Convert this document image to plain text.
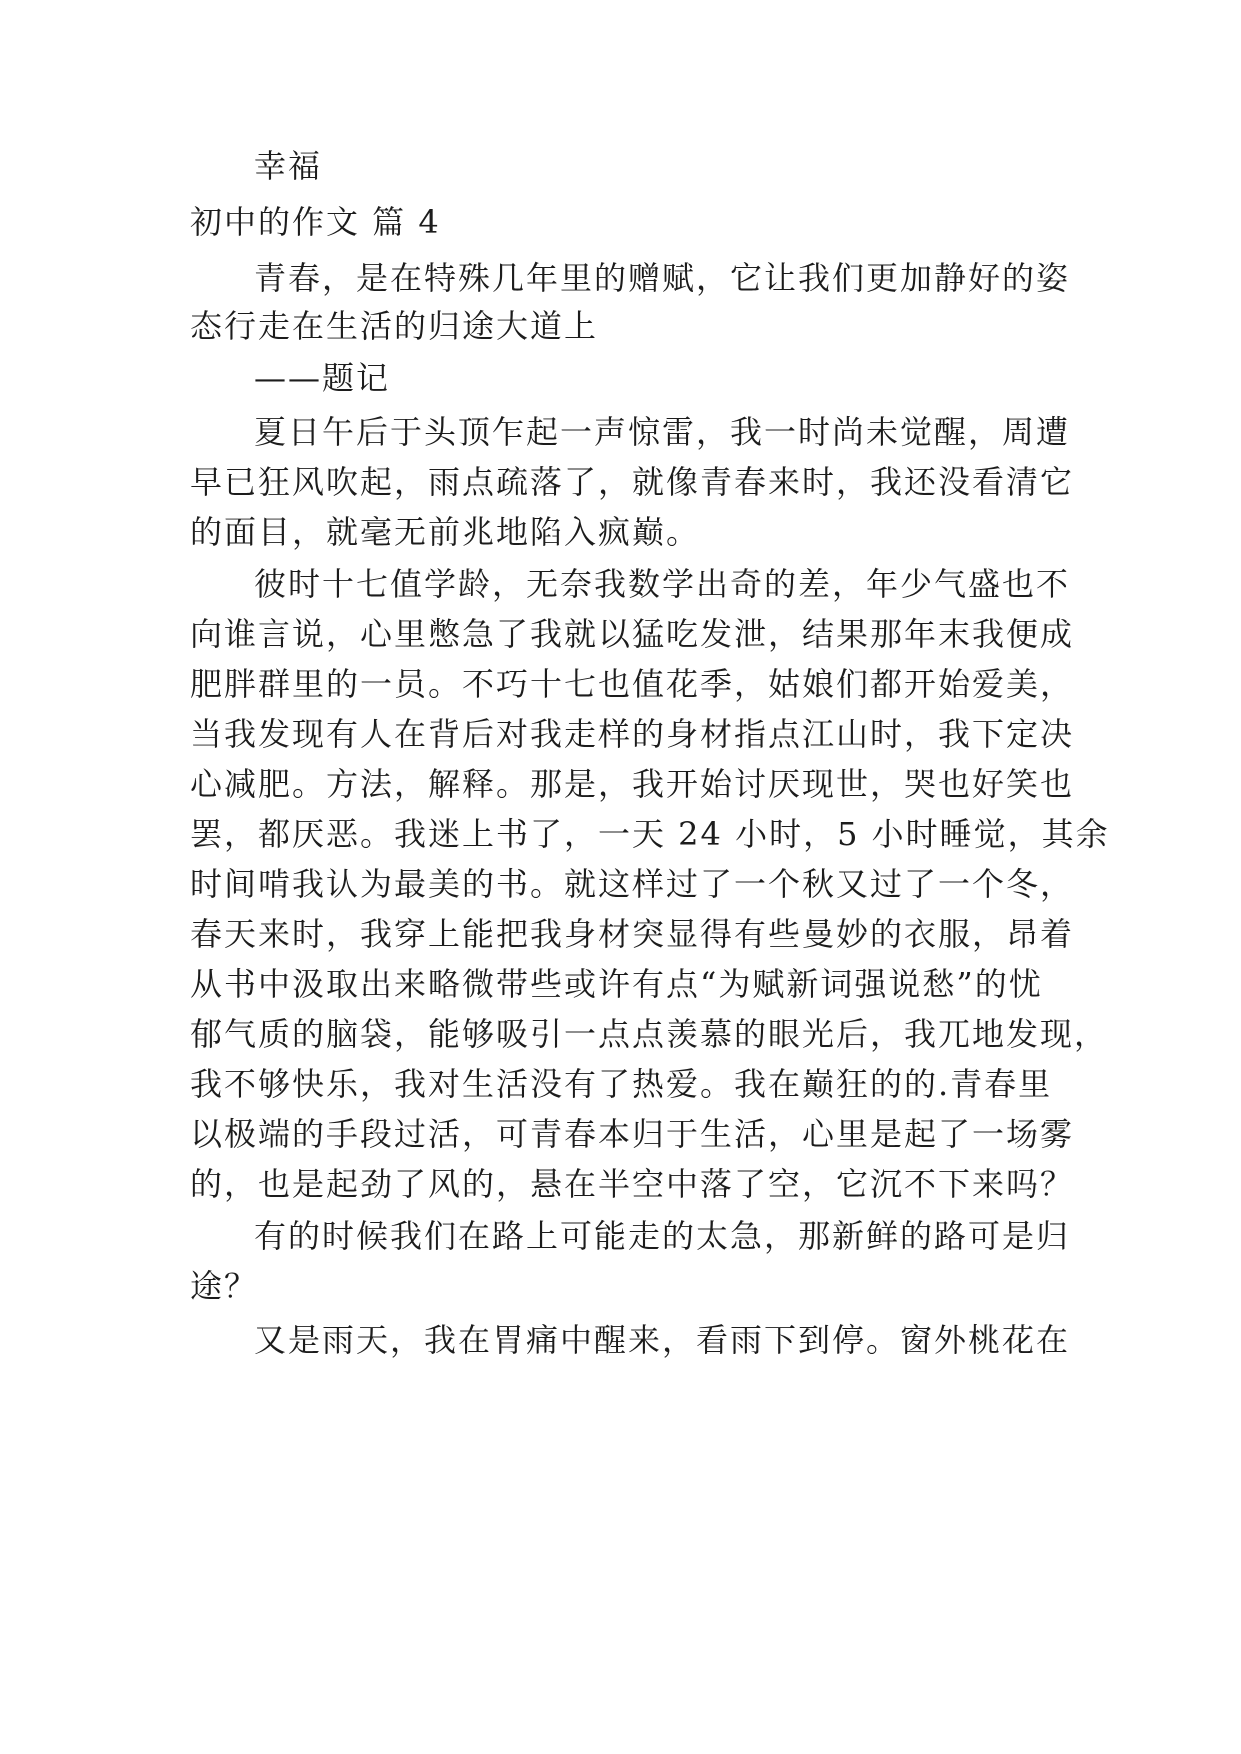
幸福
初中的作文 篇 4
青春，是在特殊几年里的赠赋，它让我们更加静好的姿
态行走在生活的归途大道上
——题记
夏日午后于头顶乍起一声惊雷，我一时尚未觉醒，周遭
早已狂风吹起，雨点疏落了，就像青春来时，我还没看清它
的面目，就毫无前兆地陷入疯巅。
彼时十七值学龄，无奈我数学出奇的差，年少气盛也不
向谁言说，心里憋急了我就以猛吃发泄，结果那年末我便成
肥胖群里的一员。不巧十七也值花季，姑娘们都开始爱美，
当我发现有人在背后对我走样的身材指点江山时，我下定决
心减肥。方法，解释。那是，我开始讨厌现世，哭也好笑也
罢，都厌恶。我迷上书了，一天 24 小时，5 小时睡觉，其余
时间啃我认为最美的书。就这样过了一个秋又过了一个冬，
春天来时，我穿上能把我身材突显得有些曼妙的衣服，昂着
从书中汲取出来略微带些或许有点“为赋新词强说愁”的忧
郁气质的脑袋，能够吸引一点点羡慕的眼光后，我兀地发现，
我不够快乐，我对生活没有了热爱。我在巅狂的的.青春里
以极端的手段过活，可青春本归于生活，心里是起了一场雾
的，也是起劲了风的，悬在半空中落了空，它沉不下来吗？
有的时候我们在路上可能走的太急，那新鲜的路可是归
途？
又是雨天，我在胃痛中醒来，看雨下到停。窗外桃花在
